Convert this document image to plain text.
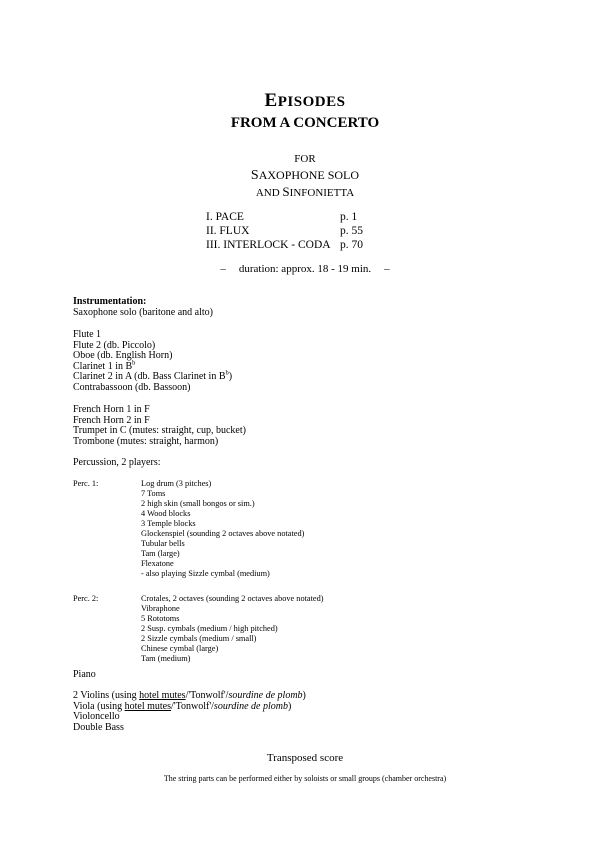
EPISODES
FROM A CONCERTO
FOR
SAXOPHONE SOLO
AND SINFONIETTA
I. PACE	p. 1
II. FLUX	p. 55
III. INTERLOCK - CODA p. 70
– duration: approx. 18 - 19 min. –
Instrumentation:
Saxophone solo (baritone and alto)
Flute 1
Flute 2 (db. Piccolo)
Oboe (db. English Horn)
Clarinet 1 in $B^b$
Clarinet 2 in A (db. Bass Clarinet in $B^b$)
Contrabassoon (db. Bassoon)
French Horn 1 in F
French Horn 2 in F
Trumpet in C (mutes: straight, cup, bucket)
Trombone (mutes: straight, harmon)
Percussion, 2 players:
Perc. 1:	Log drum (3 pitches)
7 Toms
2 high skin (small bongos or sim.)
4 Wood blocks
3 Temple blocks
Glockenspiel (sounding 2 octaves above notated)
Tubular bells
Tam (large)
Flexatone
- also playing Sizzle cymbal (medium)
Perc. 2:	Crotales, 2 octaves (sounding 2 octaves above notated)
Vibraphone
5 Rototoms
2 Susp. cymbals (medium / high pitched)
2 Sizzle cymbals (medium / small)
Chinese cymbal (large)
Tam (medium)
Piano
2 Violins (using hotel mutes/'Tonwolf'/sourdine de plomb)
Viola (using hotel mutes/'Tonwolf'/sourdine de plomb)
Violoncello
Double Bass
Transposed score
The string parts can be performed either by soloists or small groups (chamber orchestra)
